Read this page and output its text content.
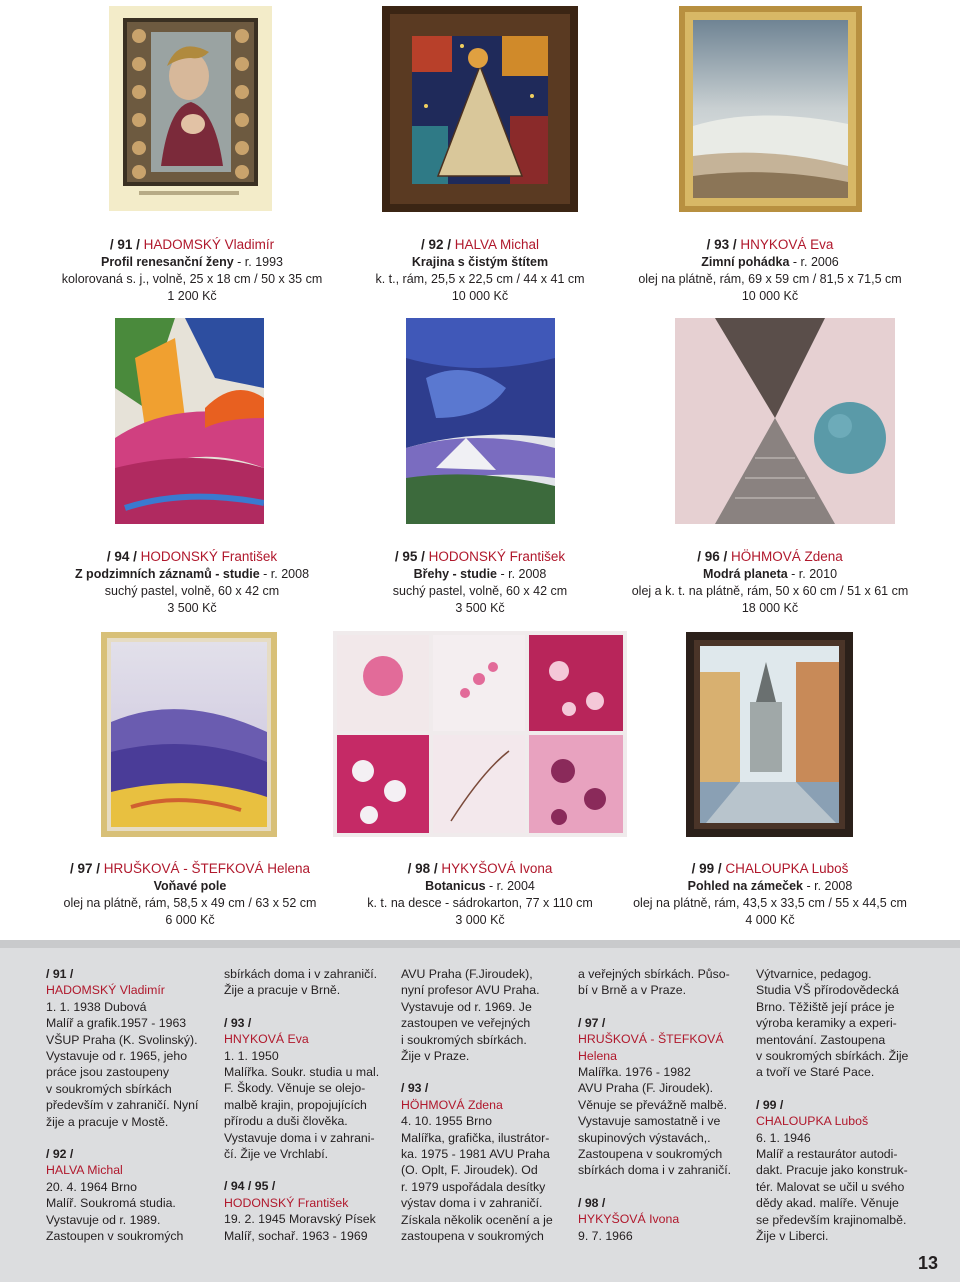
/ 91 / HADOMSKÝ Vladimír
Profil renesanční ženy - r. 1993
kolorovaná s. j., volně, 25 x 18 cm / 50 x 35 cm
1 200 Kč
/ 92 / HALVA Michal
Krajina s čistým štítem
k. t., rám, 25,5 x 22,5 cm / 44 x 41 cm
10 000 Kč
/ 93 / HNYKOVÁ Eva
Zimní pohádka - r. 2006
olej na plátně, rám, 69 x 59 cm / 81,5 x 71,5 cm
10 000 Kč
/ 94 / HODONSKÝ František
Z podzimních záznamů - studie - r. 2008
suchý pastel, volně, 60 x 42 cm
3 500 Kč
/ 95 / HODONSKÝ František
Břehy - studie - r. 2008
suchý pastel, volně, 60 x 42 cm
3 500 Kč
/ 96 / HÖHMOVÁ Zdena
Modrá planeta - r. 2010
olej a k. t. na plátně, rám, 50 x 60 cm / 51 x 61 cm
18 000 Kč
/ 97 / HRUŠKOVÁ - ŠTEFKOVÁ Helena
Voňavé pole
olej na plátně, rám, 58,5 x 49 cm / 63 x 52 cm
6 000 Kč
/ 98 / HYKYŠOVÁ Ivona
Botanicus - r. 2004
k. t. na desce - sádrokarton, 77 x 110 cm
3 000 Kč
/ 99 / CHALOUPKA Luboš
Pohled na zámeček - r. 2008
olej na plátně, rám, 43,5 x 33,5 cm / 55 x 44,5 cm
4 000 Kč
/ 91 /
HADOMSKÝ Vladimír
1. 1. 1938 Dubová
Malíř a grafik.1957 - 1963
VŠUP Praha (K. Svolinský).
Vystavuje od r. 1965, jeho
práce jsou zastoupeny
v soukromých sbírkách
především v zahraničí. Nyní
žije a pracuje v Mostě.
/ 92 /
HALVA Michal
20. 4. 1964 Brno
Malíř. Soukromá studia.
Vystavuje od r. 1989.
Zastoupen v soukromých
sbírkách doma i v zahraničí.
Žije a pracuje v Brně.
/ 93 /
HNYKOVÁ Eva
1. 1. 1950
Malířka. Soukr. studia u mal.
F. Škody. Věnuje se olejo-
malbě krajin, propojujících
přírodu a duši člověka.
Vystavuje doma i v zahrani-
čí. Žije ve Vrchlabí.
/ 94 / 95 /
HODONSKÝ František
19. 2. 1945 Moravský Písek
Malíř, sochař. 1963 - 1969
AVU Praha (F.Jiroudek),
nyní profesor AVU Praha.
Vystavuje od r. 1969. Je
zastoupen ve veřejných
i soukromých sbírkách.
Žije v Praze.
/ 93 /
HÖHMOVÁ Zdena
4. 10. 1955 Brno
Malířka, grafička, ilustrátor-
ka. 1975 - 1981 AVU Praha
(O. Oplt, F. Jiroudek). Od
r. 1979 uspořádala desítky
výstav doma i v zahraničí.
Získala několik ocenění a je
zastoupena v soukromých
a veřejných sbírkách. Půso-
bí v Brně a v Praze.
/ 97 /
HRUŠKOVÁ - ŠTEFKOVÁ Helena
Malířka. 1976 - 1982
AVU Praha (F. Jiroudek).
Věnuje se převážně malbě.
Vystavuje samostatně i ve
skupinových výstavách,.
Zastoupena v soukromých
sbírkách doma i v zahraničí.
/ 98 /
HYKYŠOVÁ Ivona
9. 7. 1966
Výtvarnice, pedagog.
Studia VŠ přírodovědecká
Brno. Těžiště její práce je
výroba keramiky a experi-
mentování. Zastoupena
v soukromých sbírkách. Žije
a tvoří ve Staré Pace.
/ 99 /
CHALOUPKA Luboš
6. 1. 1946
Malíř a restaurátor autodi-
dakt. Pracuje jako konstruk-
tér. Malovat se učil u svého
dědy akad. malíře. Věnuje
se především krajinomalbě.
Žije v Liberci.
13
